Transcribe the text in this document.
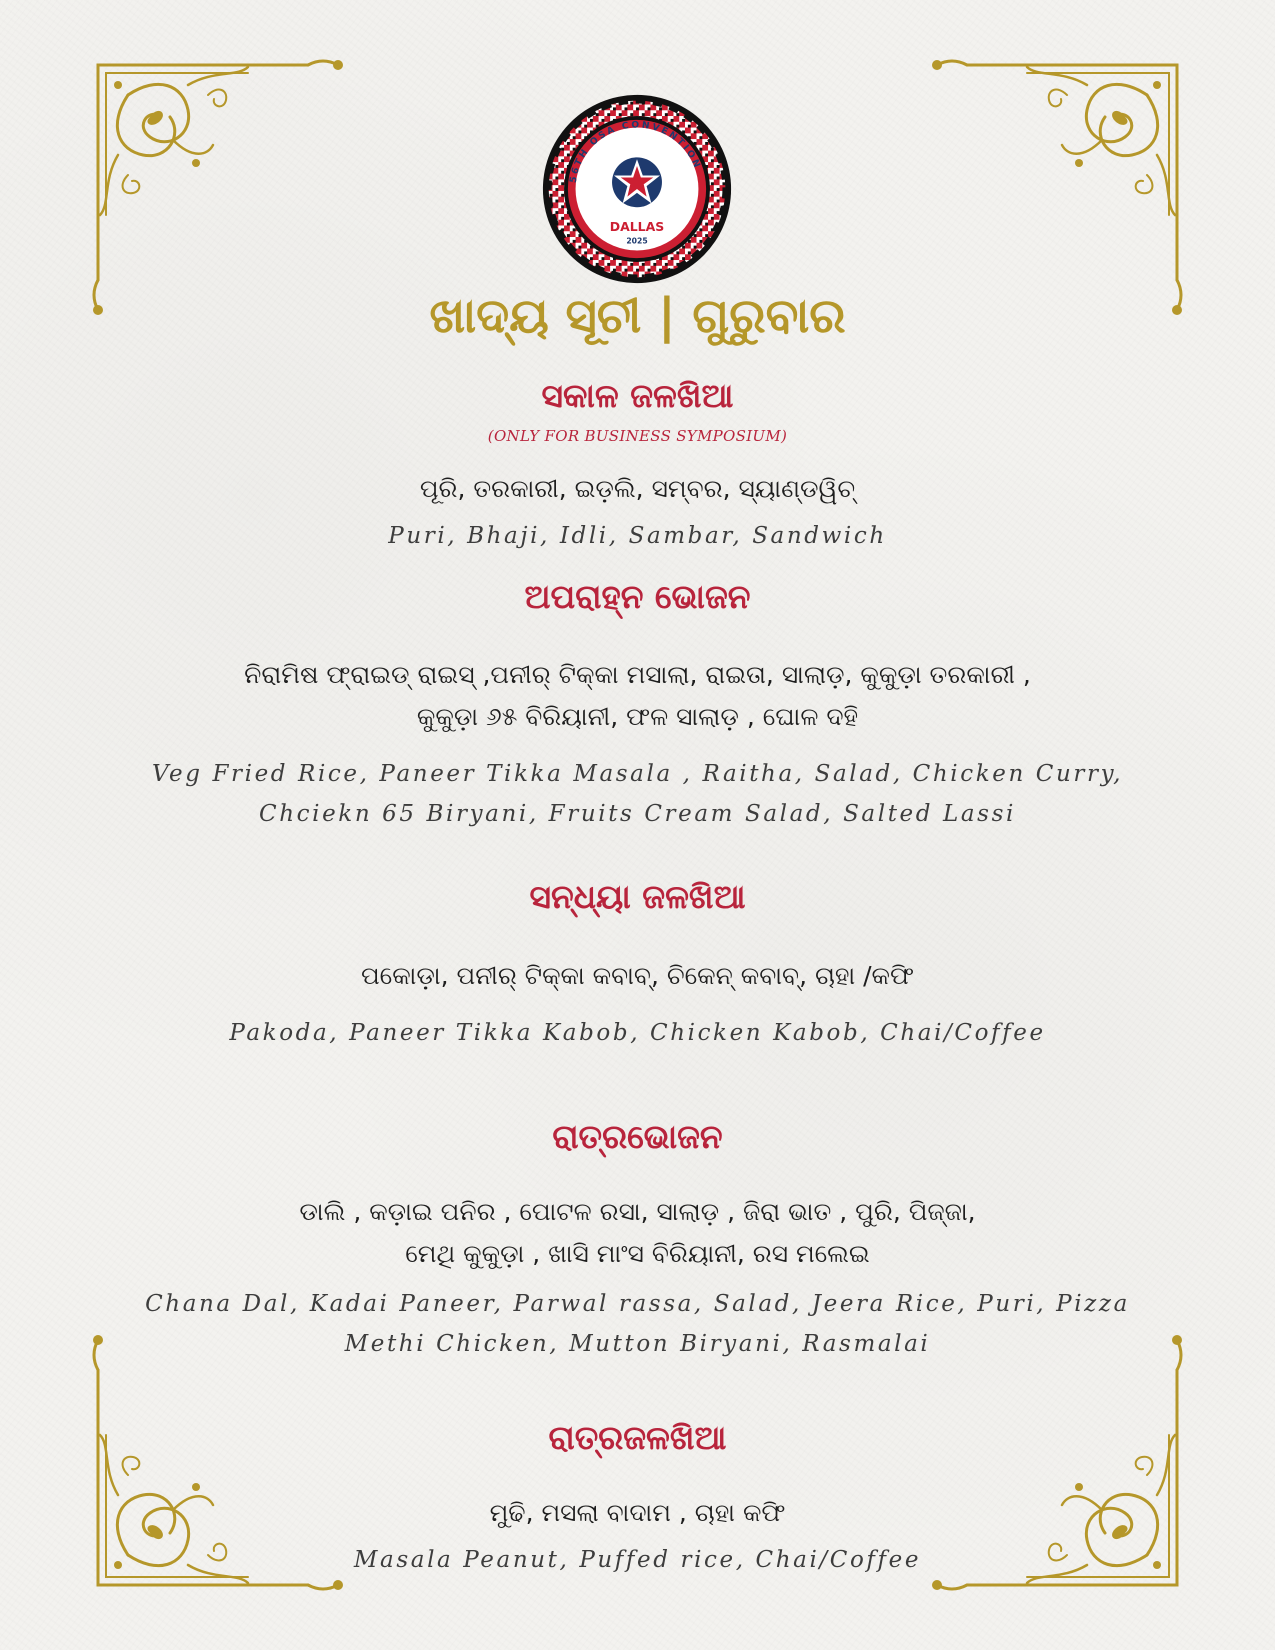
56TH OSA CONVENTION
DALLAS
2025
ଖାଦ୍ୟ ସୂଚୀ | ଗୁରୁବାର
ସକାଳ ଜଳଖିଆ
(ONLY FOR BUSINESS SYMPOSIUM)
ପୂରି, ତରକାରୀ, ଇଡ଼ଲି, ସମ୍ବର, ସ୍ୟାଣ୍ଡୱିଚ୍
Puri, Bhaji, Idli, Sambar, Sandwich
ଅପରାହ୍ନ ଭୋଜନ
ନିରାମିଷ ଫ୍ରାଇଡ୍ ରାଇସ୍ ,ପନୀର୍ ଟିକ୍କା ମସାଲା, ରାଇତା, ସାଲାଡ଼, କୁକୁଡ଼ା ତରକାରୀ ,
କୁକୁଡ଼ା ୬୫ ବିରିୟାନୀ, ଫଳ ସାଲାଡ଼ , ଘୋଳ ଦହି
Veg Fried Rice, Paneer Tikka Masala , Raitha, Salad, Chicken Curry,
Chciekn 65 Biryani, Fruits Cream Salad, Salted Lassi
ସନ୍ଧ୍ୟା ଜଳଖିଆ
ପକୋଡ଼ା, ପନୀର୍ ଟିକ୍କା କବାବ୍, ଚିକେନ୍ କବାବ୍, ଚାହା /କଫି
Pakoda, Paneer Tikka Kabob, Chicken Kabob, Chai/Coffee
ରାତ୍ରଭୋଜନ
ଡାଲି , କଡ଼ାଇ ପନିର , ପୋଟଳ ରସା, ସାଲାଡ଼ , ଜିରା ଭାତ , ପୁରି, ପିଜ୍ଜା,
ମେଥି କୁକୁଡ଼ା , ଖାସି ମାଂସ ବିରିୟାନୀ, ରସ ମଲେଇ
Chana Dal, Kadai Paneer, Parwal rassa, Salad, Jeera Rice, Puri, Pizza
Methi Chicken, Mutton Biryani, Rasmalai
ରାତ୍ରଜଳଖିଆ
ମୁଢି, ମସଲା ବାଦାମ , ଚାହା କଫି
Masala Peanut, Puffed rice, Chai/Coffee
